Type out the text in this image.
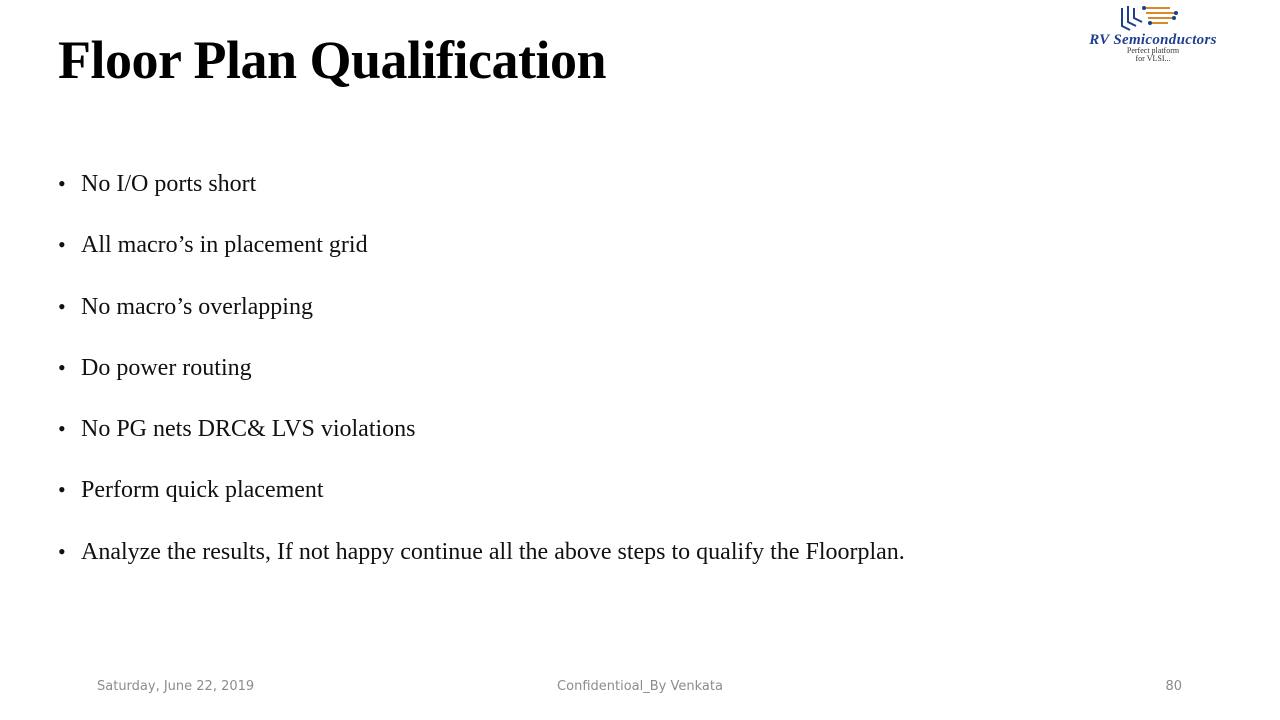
Floor Plan Qualification	RV Semiconductors
Perfect platform
for VLSI...
• No I/O ports short
• All macro’s in placement grid
• No macro’s overlapping
• Do power routing
• No PG nets DRC& LVS violations
• Perform quick placement
• Analyze the results, If not happy continue all the above steps to qualify the Floorplan.
Saturday, June 22, 2019	Confidentioal_By Venkata	80
